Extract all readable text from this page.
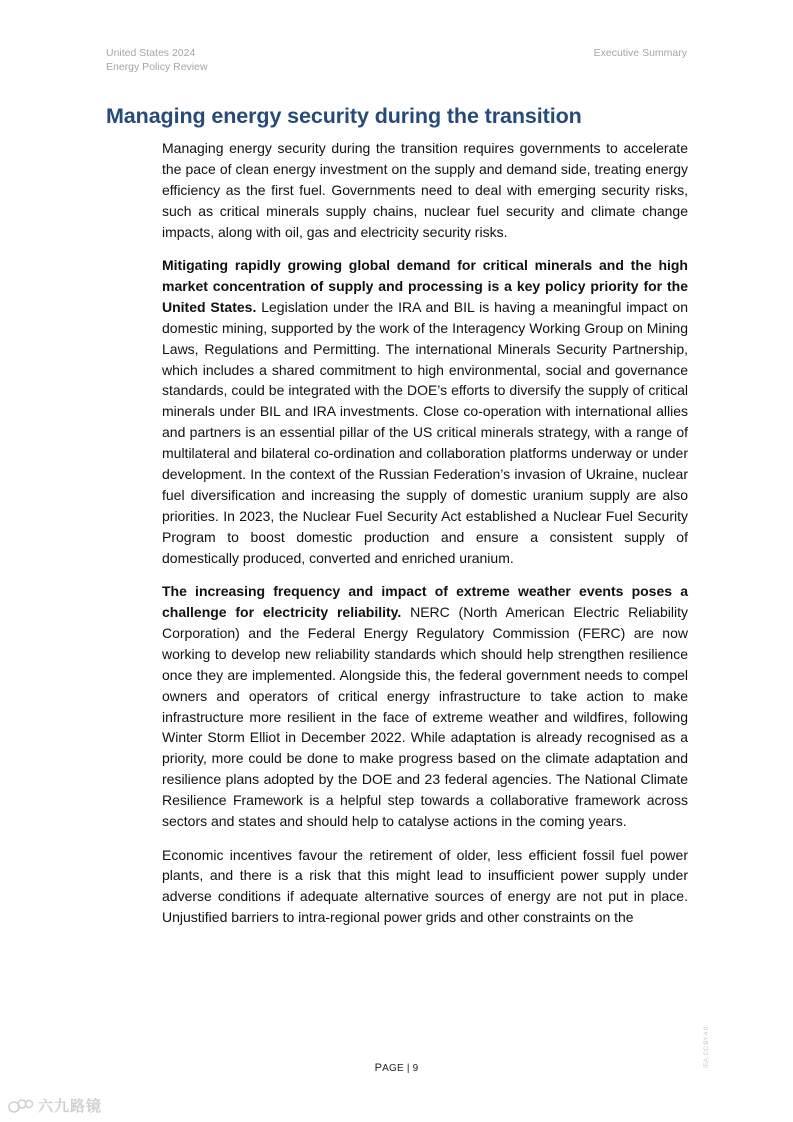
United States 2024
Energy Policy Review
Executive Summary
Managing energy security during the transition

Managing energy security during the transition requires governments to accelerate the pace of clean energy investment on the supply and demand side, treating energy efficiency as the first fuel. Governments need to deal with emerging security risks, such as critical minerals supply chains, nuclear fuel security and climate change impacts, along with oil, gas and electricity security risks.

Mitigating rapidly growing global demand for critical minerals and the high market concentration of supply and processing is a key policy priority for the United States. Legislation under the IRA and BIL is having a meaningful impact on domestic mining, supported by the work of the Interagency Working Group on Mining Laws, Regulations and Permitting. The international Minerals Security Partnership, which includes a shared commitment to high environmental, social and governance standards, could be integrated with the DOE’s efforts to diversify the supply of critical minerals under BIL and IRA investments. Close co-operation with international allies and partners is an essential pillar of the US critical minerals strategy, with a range of multilateral and bilateral co-ordination and collaboration platforms underway or under development. In the context of the Russian Federation’s invasion of Ukraine, nuclear fuel diversification and increasing the supply of domestic uranium supply are also priorities. In 2023, the Nuclear Fuel Security Act established a Nuclear Fuel Security Program to boost domestic production and ensure a consistent supply of domestically produced, converted and enriched uranium.

The increasing frequency and impact of extreme weather events poses a challenge for electricity reliability. NERC (North American Electric Reliability Corporation) and the Federal Energy Regulatory Commission (FERC) are now working to develop new reliability standards which should help strengthen resilience once they are implemented. Alongside this, the federal government needs to compel owners and operators of critical energy infrastructure to take action to make infrastructure more resilient in the face of extreme weather and wildfires, following Winter Storm Elliot in December 2022. While adaptation is already recognised as a priority, more could be done to make progress based on the climate adaptation and resilience plans adopted by the DOE and 23 federal agencies. The National Climate Resilience Framework is a helpful step towards a collaborative framework across sectors and states and should help to catalyse actions in the coming years.

Economic incentives favour the retirement of older, less efficient fossil fuel power plants, and there is a risk that this might lead to insufficient power supply under adverse conditions if adequate alternative sources of energy are not put in place. Unjustified barriers to intra-regional power grids and other constraints on the

PAGE | 9
IEA. CC BY 4.0.
六九路镜
